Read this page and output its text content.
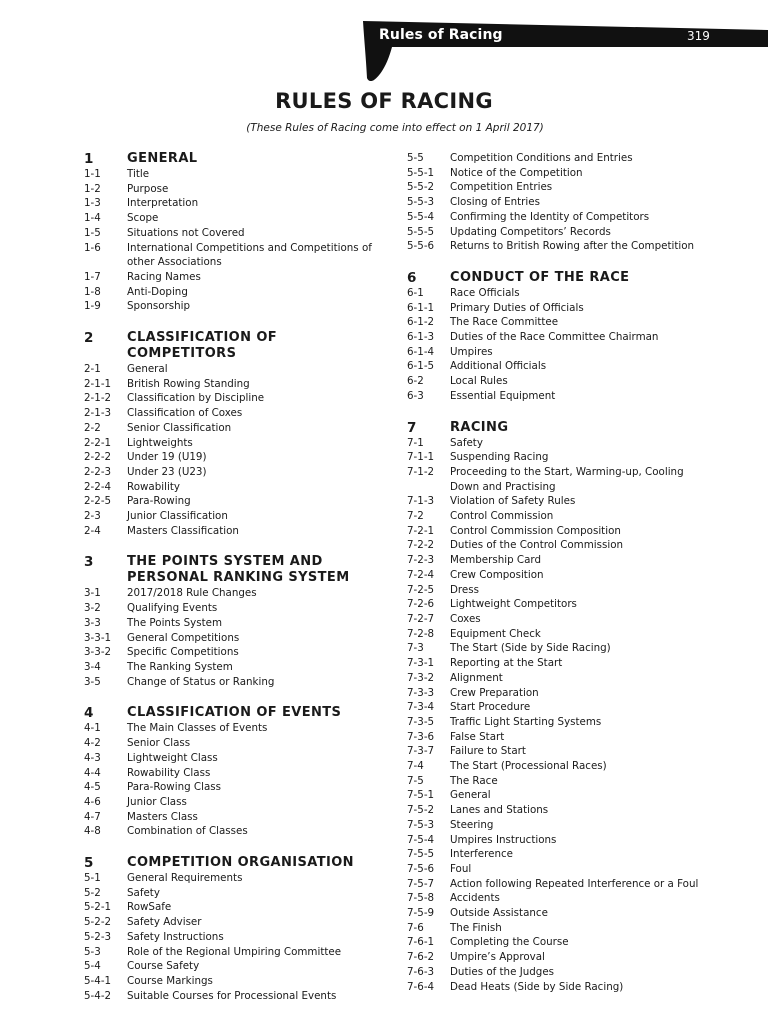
Rules of Racing	319
RULES OF RACING
(These Rules of Racing come into effect on 1 April 2017)
1	GENERAL
1-1	Title
1-2	Purpose
1-3	Interpretation
1-4	Scope
1-5	Situations not Covered
1-6	International Competitions and Competitions of other Associations
1-7	Racing Names
1-8	Anti-Doping
1-9	Sponsorship
2	CLASSIFICATION OF COMPETITORS
2-1	General
2-1-1	British Rowing Standing
2-1-2	Classification by Discipline
2-1-3	Classification of Coxes
2-2	Senior Classification
2-2-1	Lightweights
2-2-2	Under 19 (U19)
2-2-3	Under 23 (U23)
2-2-4	Rowability
2-2-5	Para-Rowing
2-3	Junior Classification
2-4	Masters Classification
3	THE POINTS SYSTEM AND PERSONAL RANKING SYSTEM
3-1	2017/2018 Rule Changes
3-2	Qualifying Events
3-3	The Points System
3-3-1	General Competitions
3-3-2	Specific Competitions
3-4	The Ranking System
3-5	Change of Status or Ranking
4	CLASSIFICATION OF EVENTS
4-1	The Main Classes of Events
4-2	Senior Class
4-3	Lightweight Class
4-4	Rowability Class
4-5	Para-Rowing Class
4-6	Junior Class
4-7	Masters Class
4-8	Combination of Classes
5	COMPETITION ORGANISATION
5-1	General Requirements
5-2	Safety
5-2-1	RowSafe
5-2-2	Safety Adviser
5-2-3	Safety Instructions
5-3	Role of the Regional Umpiring Committee
5-4	Course Safety
5-4-1	Course Markings
5-4-2	Suitable Courses for Processional Events
5-5	Competition Conditions and Entries
5-5-1	Notice of the Competition
5-5-2	Competition Entries
5-5-3	Closing of Entries
5-5-4	Confirming the Identity of Competitors
5-5-5	Updating Competitors’ Records
5-5-6	Returns to British Rowing after the Competition
6	CONDUCT OF THE RACE
6-1	Race Officials
6-1-1	Primary Duties of Officials
6-1-2	The Race Committee
6-1-3	Duties of the Race Committee Chairman
6-1-4	Umpires
6-1-5	Additional Officials
6-2	Local Rules
6-3	Essential Equipment
7	RACING
7-1	Safety
7-1-1	Suspending Racing
7-1-2	Proceeding to the Start, Warming-up, Cooling Down and Practising
7-1-3	Violation of Safety Rules
7-2	Control Commission
7-2-1	Control Commission Composition
7-2-2	Duties of the Control Commission
7-2-3	Membership Card
7-2-4	Crew Composition
7-2-5	Dress
7-2-6	Lightweight Competitors
7-2-7	Coxes
7-2-8	Equipment Check
7-3	The Start (Side by Side Racing)
7-3-1	Reporting at the Start
7-3-2	Alignment
7-3-3	Crew Preparation
7-3-4	Start Procedure
7-3-5	Traffic Light Starting Systems
7-3-6	False Start
7-3-7	Failure to Start
7-4	The Start (Processional Races)
7-5	The Race
7-5-1	General
7-5-2	Lanes and Stations
7-5-3	Steering
7-5-4	Umpires Instructions
7-5-5	Interference
7-5-6	Foul
7-5-7	Action following Repeated Interference or a Foul
7-5-8	Accidents
7-5-9	Outside Assistance
7-6	The Finish
7-6-1	Completing the Course
7-6-2	Umpire’s Approval
7-6-3	Duties of the Judges
7-6-4	Dead Heats (Side by Side Racing)
